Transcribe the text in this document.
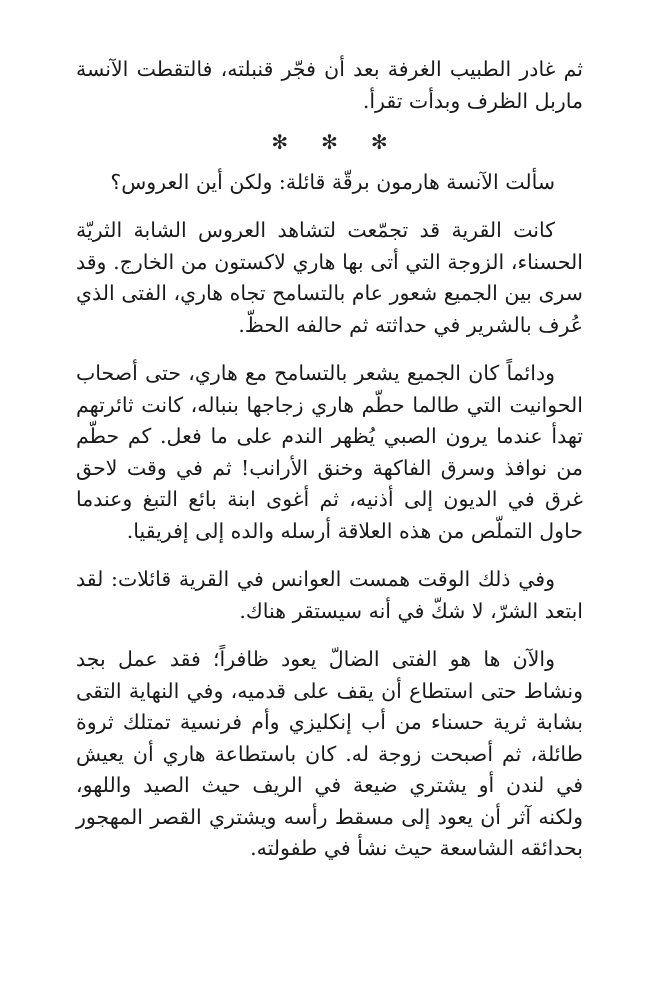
ثم غادر الطبيب الغرفة بعد أن فجّر قنبلته، فالتقطت الآنسة ماربل الظرف وبدأت تقرأ.

✻ ✻ ✻

سألت الآنسة هارمون برقّة قائلة: ولكن أين العروس؟

كانت القرية قد تجمّعت لتشاهد العروس الشابة الثريّة الحسناء، الزوجة التي أتى بها هاري لاكستون من الخارج. وقد سرى بين الجميع شعور عام بالتسامح تجاه هاري، الفتى الذي عُرف بالشرير في حداثته ثم حالفه الحظّ.

ودائماً كان الجميع يشعر بالتسامح مع هاري، حتى أصحاب الحوانيت التي طالما حطّم هاري زجاجها بنباله، كانت ثائرتهم تهدأ عندما يرون الصبي يُظهر الندم على ما فعل. كم حطّم من نوافذ وسرق الفاكهة وخنق الأرانب! ثم في وقت لاحق غرق في الديون إلى أذنيه، ثم أغوى ابنة بائع التبغ وعندما حاول التملّص من هذه العلاقة أرسله والده إلى إفريقيا.

وفي ذلك الوقت همست العوانس في القرية قائلات: لقد ابتعد الشرّ، لا شكّ في أنه سيستقر هناك.

والآن ها هو الفتى الضالّ يعود ظافراً؛ فقد عمل بجد ونشاط حتى استطاع أن يقف على قدميه، وفي النهاية التقى بشابة ثرية حسناء من أب إنكليزي وأم فرنسية تمتلك ثروة طائلة، ثم أصبحت زوجة له. كان باستطاعة هاري أن يعيش في لندن أو يشتري ضيعة في الريف حيث الصيد واللهو، ولكنه آثر أن يعود إلى مسقط رأسه ويشتري القصر المهجور بحدائقه الشاسعة حيث نشأ في طفولته.
